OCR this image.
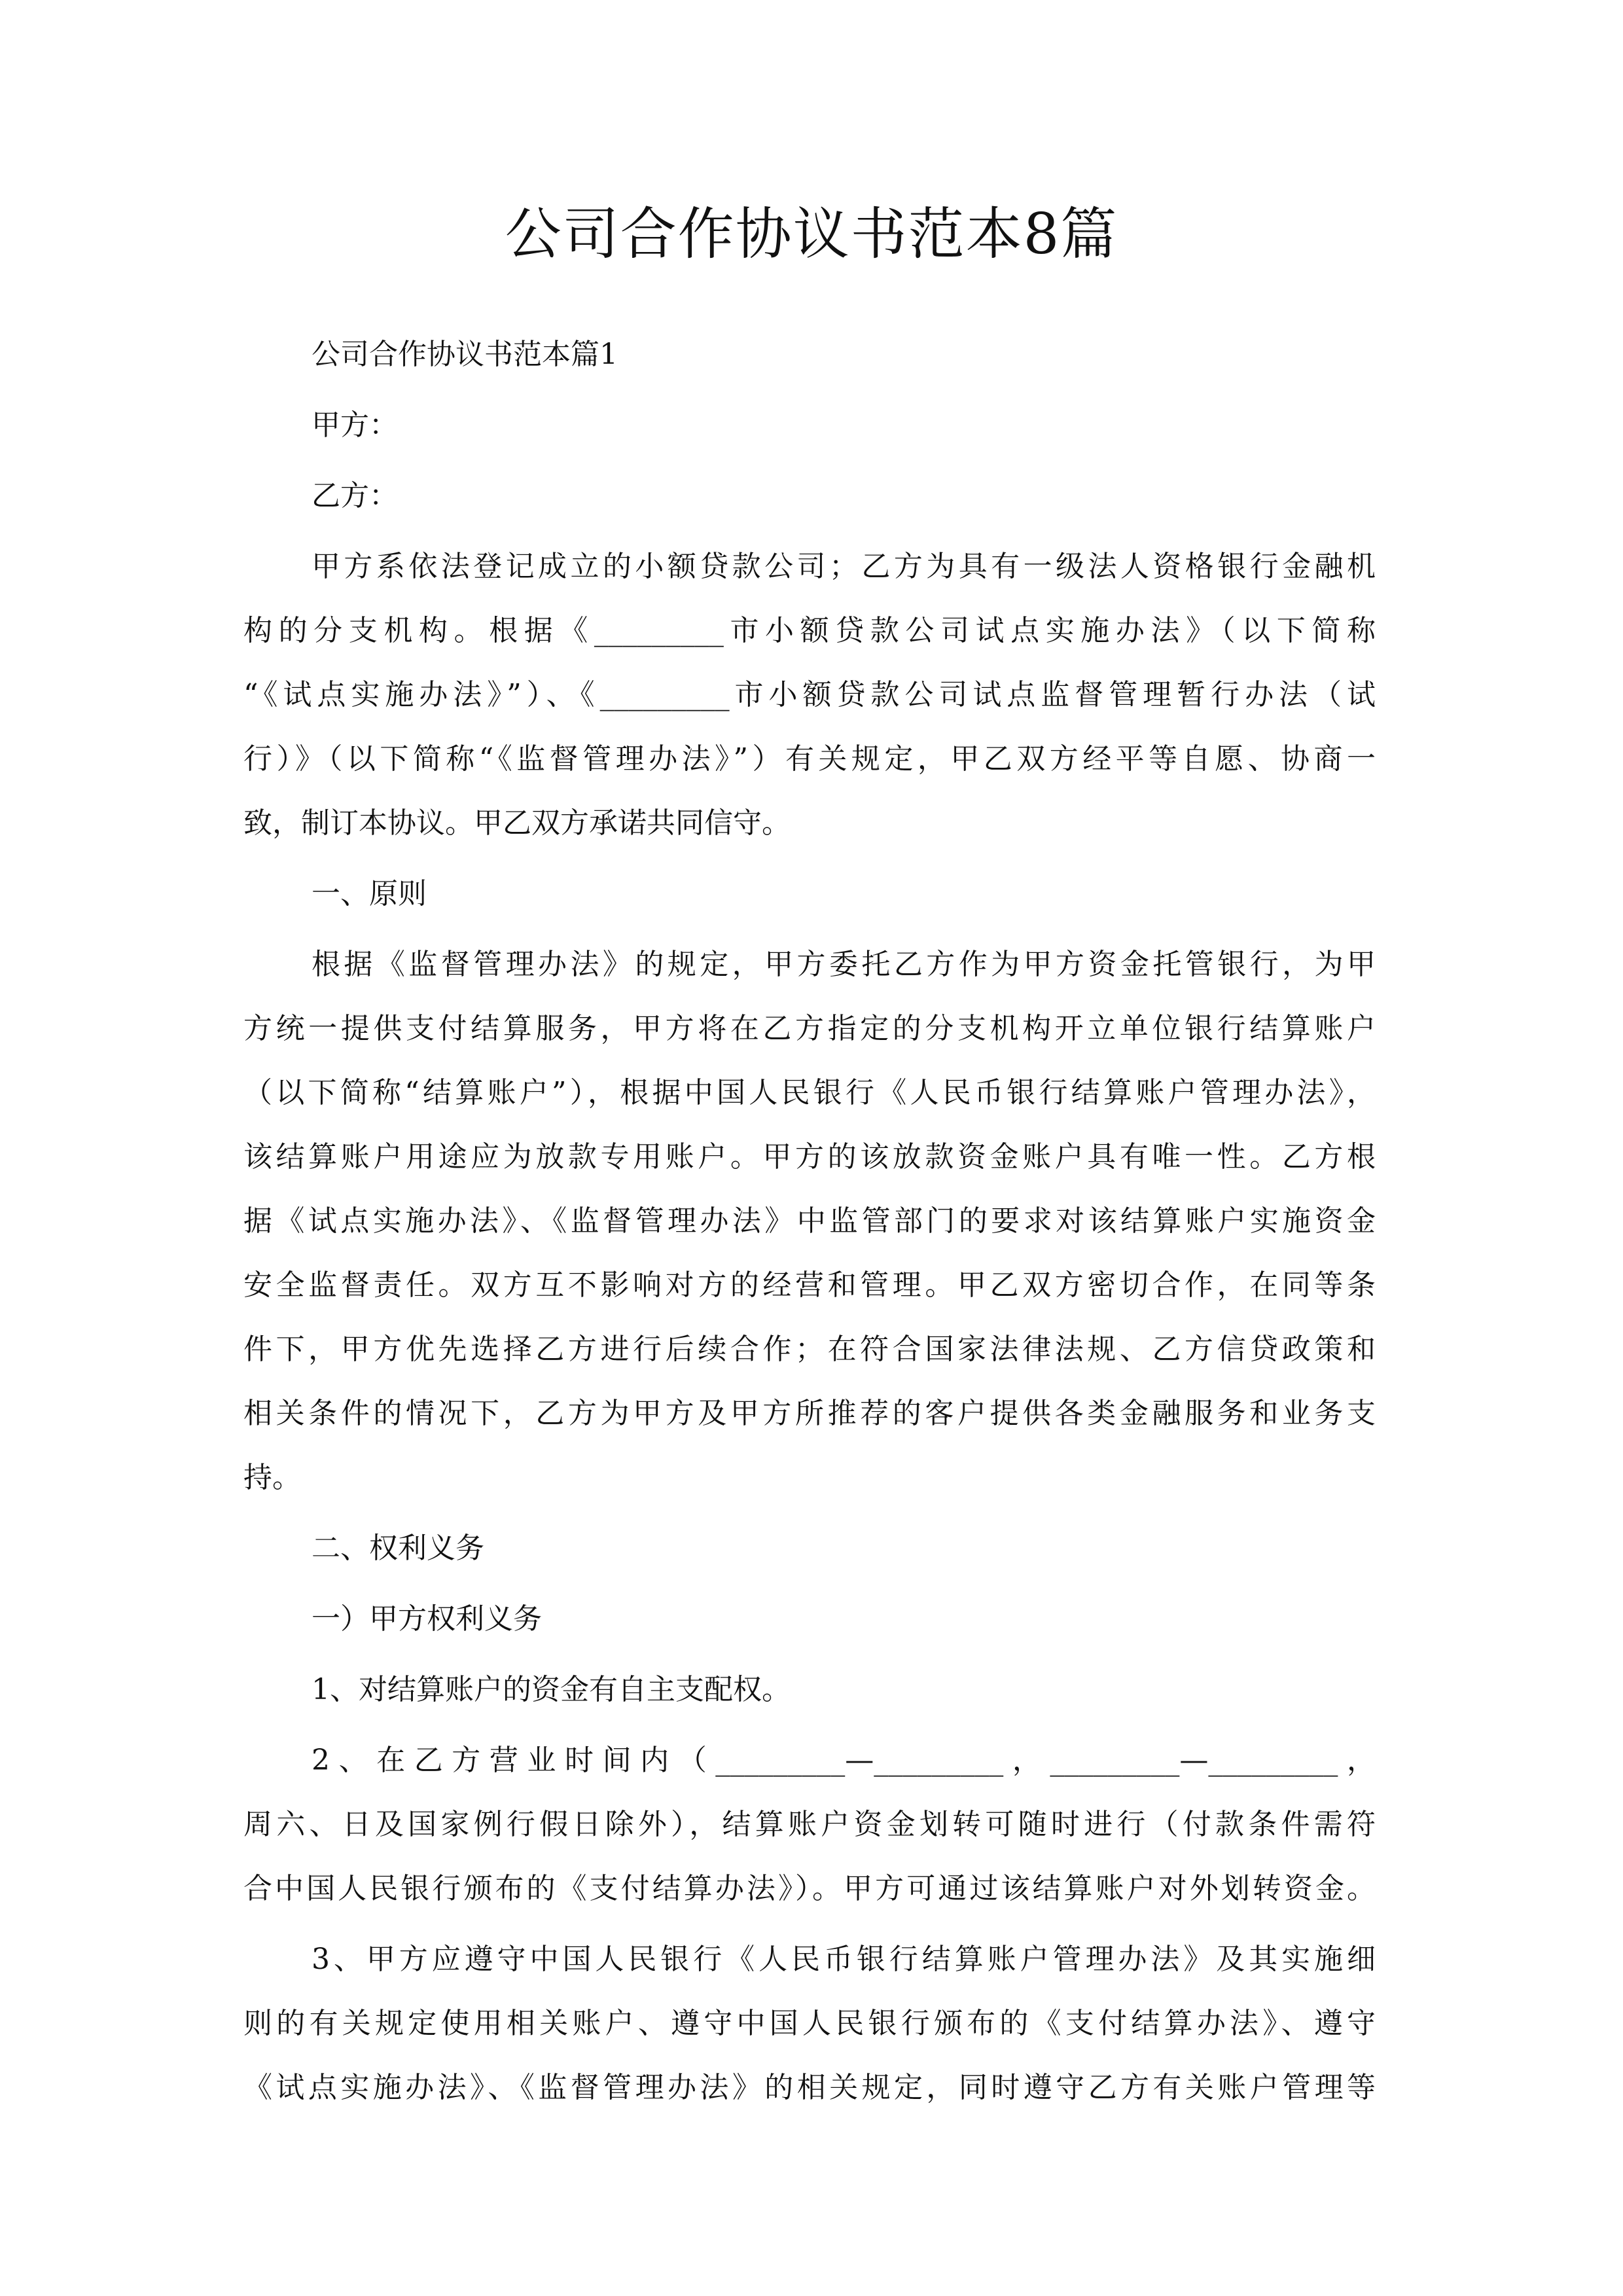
公司合作协议书范本8篇
公司合作协议书范本篇1
甲方：
乙方：
甲方系依法登记成立的小额贷款公司；乙方为具有一级法人资格银行金融机
构的分支机构。根据《_________市小额贷款公司试点实施办法》（以下简称
“《试点实施办法》”）、《_________市小额贷款公司试点监督管理暂行办法（试
行）》（以下简称“《监督管理办法》”）有关规定，甲乙双方经平等自愿、协商一
致，制订本协议。甲乙双方承诺共同信守。
一、原则
根据《监督管理办法》的规定，甲方委托乙方作为甲方资金托管银行，为甲
方统一提供支付结算服务，甲方将在乙方指定的分支机构开立单位银行结算账户
（以下简称“结算账户”），根据中国人民银行《人民币银行结算账户管理办法》，
该结算账户用途应为放款专用账户。甲方的该放款资金账户具有唯一性。乙方根
据《试点实施办法》、《监督管理办法》中监管部门的要求对该结算账户实施资金
安全监督责任。双方互不影响对方的经营和管理。甲乙双方密切合作，在同等条
件下，甲方优先选择乙方进行后续合作；在符合国家法律法规、乙方信贷政策和
相关条件的情况下，乙方为甲方及甲方所推荐的客户提供各类金融服务和业务支
持。
二、权利义务
一）甲方权利义务
1、对结算账户的资金有自主支配权。
2、在乙方营业时间内（_________—_________，_________—_________，
周六、日及国家例行假日除外），结算账户资金划转可随时进行（付款条件需符
合中国人民银行颁布的《支付结算办法》）。甲方可通过该结算账户对外划转资金。
3、甲方应遵守中国人民银行《人民币银行结算账户管理办法》及其实施细
则的有关规定使用相关账户、遵守中国人民银行颁布的《支付结算办法》、遵守
《试点实施办法》、《监督管理办法》的相关规定，同时遵守乙方有关账户管理等
